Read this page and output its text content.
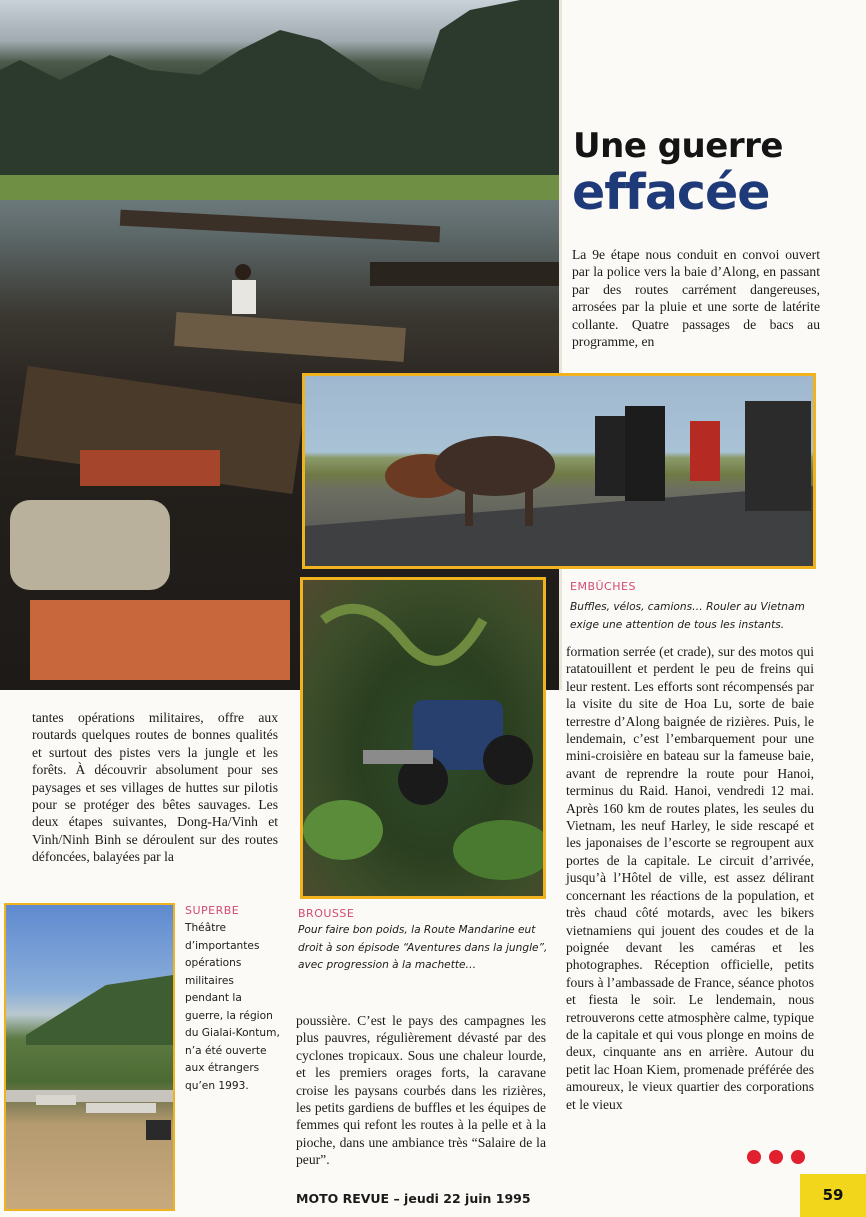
Une guerre
effacée
La 9e étape nous conduit en convoi ouvert par la police vers la baie d’Along, en passant par des routes carrément dangereuses, arrosées par la pluie et une sorte de latérite collante. Quatre passages de bacs au programme, en
EMBÛCHES
Buffles, vélos, camions… Rouler au Vietnam exige une attention de tous les instants.
formation serrée (et crade), sur des motos qui ratatouillent et perdent le peu de freins qui leur restent. Les efforts sont récompensés par la visite du site de Hoa Lu, sorte de baie terrestre d’Along baignée de rizières. Puis, le lendemain, c’est l’embarquement pour une mini-croisière en bateau sur la fameuse baie, avant de reprendre la route pour Hanoi, terminus du Raid. Hanoi, vendredi 12 mai. Après 160 km de routes plates, les seules du Vietnam, les neuf Harley, le side rescapé et les japonaises de l’escorte se regroupent aux portes de la capitale. Le circuit d’arrivée, jusqu’à l’Hôtel de ville, est assez délirant concernant les réactions de la population, et très chaud côté motards, avec les bikers vietnamiens qui jouent des coudes et de la poignée devant les caméras et les photographes. Réception officielle, petits fours à l’ambassade de France, séance photos et fiesta le soir. Le lendemain, nous retrouverons cette atmosphère calme, typique de la capitale et qui vous plonge en moins de deux, cinquante ans en arrière. Autour du petit lac Hoan Kiem, promenade préférée des amoureux, le vieux quartier des corporations et le vieux
tantes opérations militaires, offre aux routards quelques routes de bonnes qualités et surtout des pistes vers la jungle et les forêts. À découvrir absolument pour ses paysages et ses villages de huttes sur pilotis pour se protéger des bêtes sauvages. Les deux étapes suivantes, Dong-Ha/Vinh et Vinh/Ninh Binh se déroulent sur des routes défoncées, balayées par la
SUPERBE
Théâtre d’importantes opérations militaires pendant la guerre, la région du Gialai-Kontum, n’a été ouverte aux étrangers qu’en 1993.
BROUSSE
Pour faire bon poids, la Route Mandarine eut droit à son épisode “Aventures dans la jungle”, avec progression à la machette…
poussière. C’est le pays des campagnes les plus pauvres, régulièrement dévasté par des cyclones tropicaux. Sous une chaleur lourde, et les premiers orages forts, la caravane croise les paysans courbés dans les rizières, les petits gardiens de buffles et les équipes de femmes qui refont les routes à la pelle et à la pioche, dans une ambiance très “Salaire de la peur”.
MOTO REVUE – jeudi 22 juin 1995	59
